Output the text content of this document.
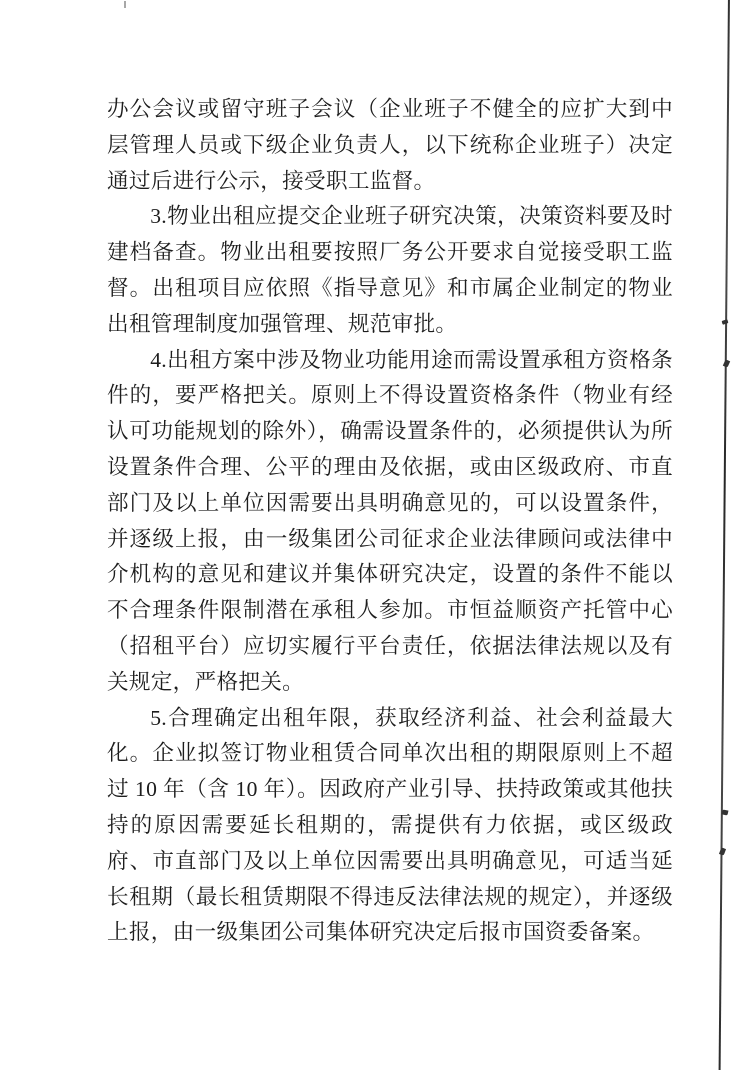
办公会议或留守班子会议（企业班子不健全的应扩大到中层管理人员或下级企业负责人，以下统称企业班子）决定通过后进行公示，接受职工监督。

3.物业出租应提交企业班子研究决策，决策资料要及时建档备查。物业出租要按照厂务公开要求自觉接受职工监督。出租项目应依照《指导意见》和市属企业制定的物业出租管理制度加强管理、规范审批。

4.出租方案中涉及物业功能用途而需设置承租方资格条件的，要严格把关。原则上不得设置资格条件（物业有经认可功能规划的除外），确需设置条件的，必须提供认为所设置条件合理、公平的理由及依据，或由区级政府、市直部门及以上单位因需要出具明确意见的，可以设置条件，并逐级上报，由一级集团公司征求企业法律顾问或法律中介机构的意见和建议并集体研究决定，设置的条件不能以不合理条件限制潜在承租人参加。市恒益顺资产托管中心（招租平台）应切实履行平台责任，依据法律法规以及有关规定，严格把关。

5.合理确定出租年限，获取经济利益、社会利益最大化。企业拟签订物业租赁合同单次出租的期限原则上不超过 10 年（含 10 年）。因政府产业引导、扶持政策或其他扶持的原因需要延长租期的，需提供有力依据，或区级政府、市直部门及以上单位因需要出具明确意见，可适当延长租期（最长租赁期限不得违反法律法规的规定），并逐级上报，由一级集团公司集体研究决定后报市国资委备案。
